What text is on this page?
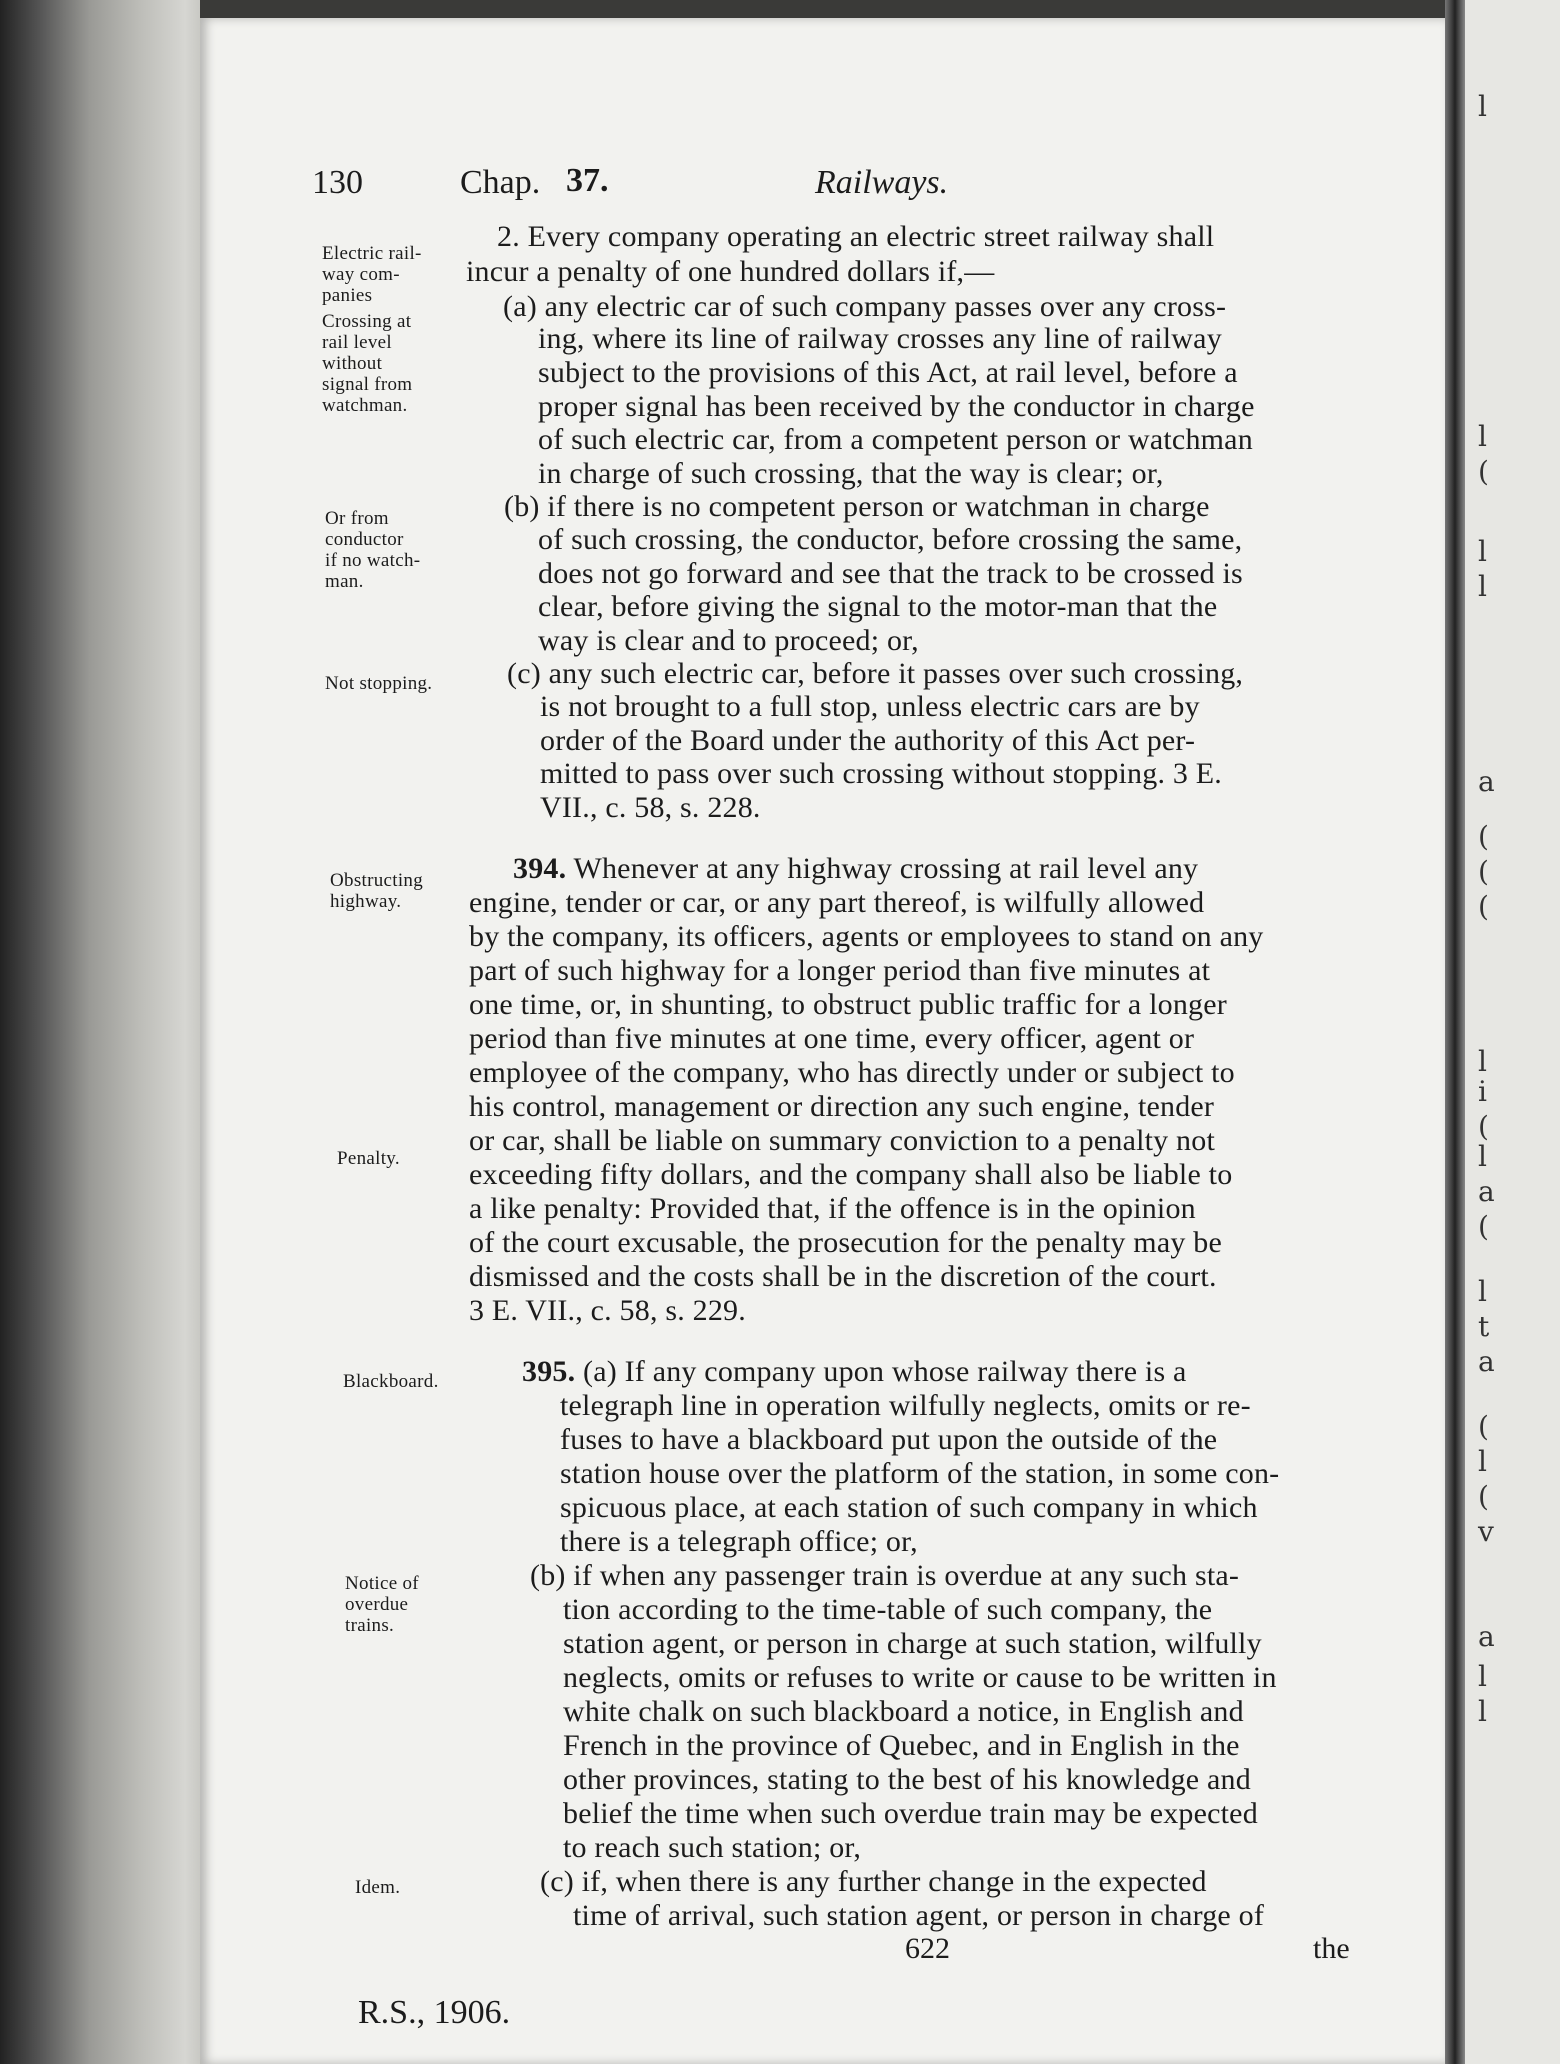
l
l
(
l
l
a
(
(
(
l
i
(
l
a
(
l
t
a
(
l
(
v
a
l
l
130	Chap. 37.	Railways.
Electric rail-
way com-
panies
Crossing at
rail level
without
signal from
watchman.
Or from
conductor
if no watch-
man.
Not stopping.
Obstructing
highway.
Penalty.
Blackboard.
Notice of
overdue
trains.
Idem.
2. Every company operating an electric street railway shall
incur a penalty of one hundred dollars if,—
(a) any electric car of such company passes over any cross-
ing, where its line of railway crosses any line of railway
subject to the provisions of this Act, at rail level, before a
proper signal has been received by the conductor in charge
of such electric car, from a competent person or watchman
in charge of such crossing, that the way is clear; or,
(b) if there is no competent person or watchman in charge
of such crossing, the conductor, before crossing the same,
does not go forward and see that the track to be crossed is
clear, before giving the signal to the motor-man that the
way is clear and to proceed; or,
(c) any such electric car, before it passes over such crossing,
is not brought to a full stop, unless electric cars are by
order of the Board under the authority of this Act per-
mitted to pass over such crossing without stopping. 3 E.
VII., c. 58, s. 228.
394. Whenever at any highway crossing at rail level any
engine, tender or car, or any part thereof, is wilfully allowed
by the company, its officers, agents or employees to stand on any
part of such highway for a longer period than five minutes at
one time, or, in shunting, to obstruct public traffic for a longer
period than five minutes at one time, every officer, agent or
employee of the company, who has directly under or subject to
his control, management or direction any such engine, tender
or car, shall be liable on summary conviction to a penalty not
exceeding fifty dollars, and the company shall also be liable to
a like penalty: Provided that, if the offence is in the opinion
of the court excusable, the prosecution for the penalty may be
dismissed and the costs shall be in the discretion of the court.
3 E. VII., c. 58, s. 229.
395. (a) If any company upon whose railway there is a
telegraph line in operation wilfully neglects, omits or re-
fuses to have a blackboard put upon the outside of the
station house over the platform of the station, in some con-
spicuous place, at each station of such company in which
there is a telegraph office; or,
(b) if when any passenger train is overdue at any such sta-
tion according to the time-table of such company, the
station agent, or person in charge at such station, wilfully
neglects, omits or refuses to write or cause to be written in
white chalk on such blackboard a notice, in English and
French in the province of Quebec, and in English in the
other provinces, stating to the best of his knowledge and
belief the time when such overdue train may be expected
to reach such station; or,
(c) if, when there is any further change in the expected
time of arrival, such station agent, or person in charge of
622	the
R.S., 1906.
